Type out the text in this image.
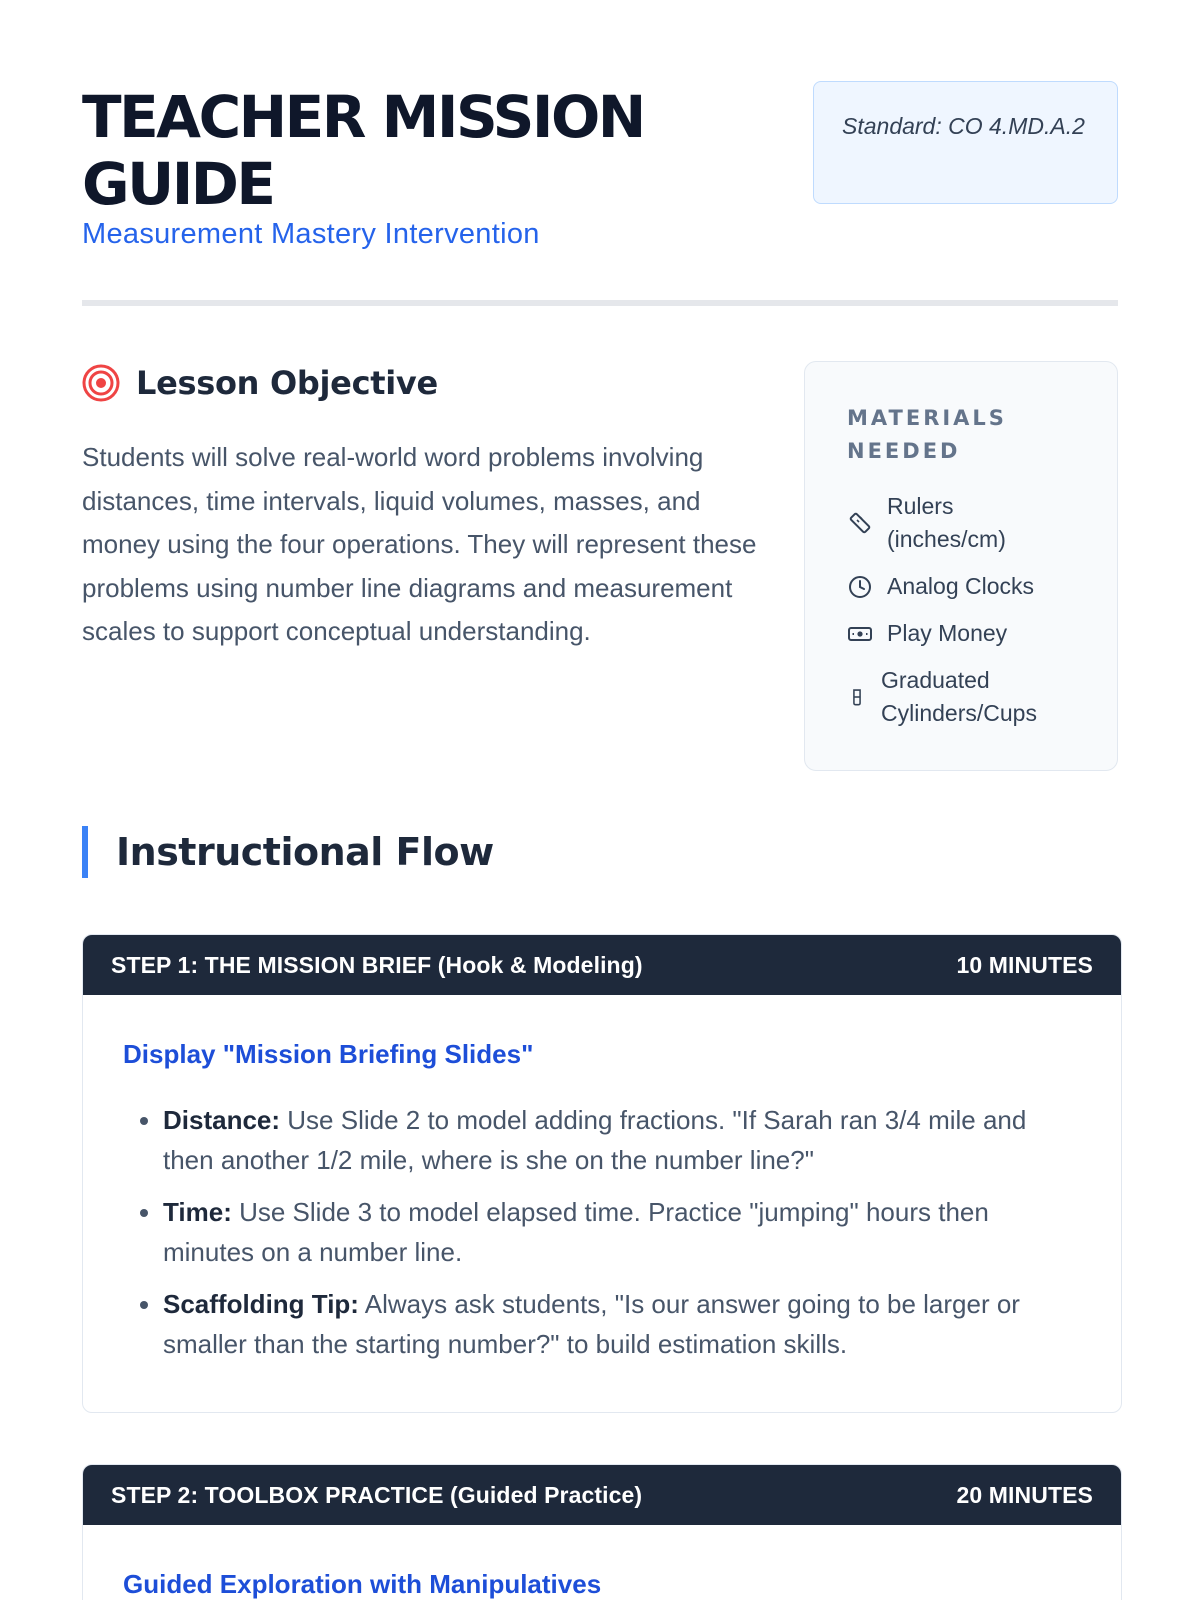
TEACHER MISSION GUIDE
Measurement Mastery Intervention
Standard: CO 4.MD.A.2
Lesson Objective

Students will solve real-world word problems involving distances, time intervals, liquid volumes, masses, and money using the four operations. They will represent these problems using number line diagrams and measurement scales to support conceptual understanding.

MATERIALS NEEDED
Rulers (inches/cm)
Analog Clocks
Play Money
Graduated Cylinders/Cups
Instructional Flow
STEP 1: THE MISSION BRIEF (Hook & Modeling)	10 MINUTES
Display "Mission Briefing Slides"
• Distance: Use Slide 2 to model adding fractions. "If Sarah ran 3/4 mile and then another 1/2 mile, where is she on the number line?"
• Time: Use Slide 3 to model elapsed time. Practice "jumping" hours then minutes on a number line.
• Scaffolding Tip: Always ask students, "Is our answer going to be larger or smaller than the starting number?" to build estimation skills.
STEP 2: TOOLBOX PRACTICE (Guided Practice)	20 MINUTES
Guided Exploration with Manipulatives
